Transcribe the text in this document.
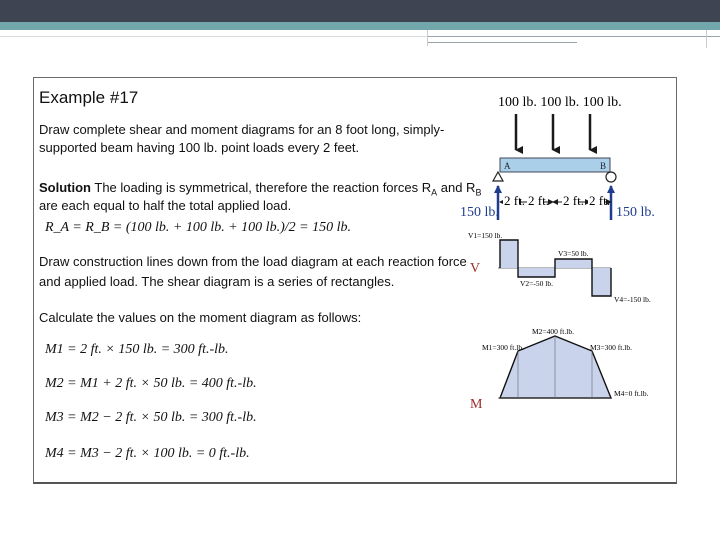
Example #17
Draw complete shear and moment diagrams for an 8 foot long, simply-
supported beam having 100 lb. point loads every 2 feet.
Solution The loading is symmetrical, therefore the reaction forces $R_A$ and $R_B$
are each equal to half the total applied load.
R_A = R_B = (100 lb. + 100 lb. + 100 lb.)/2 = 150 lb.
Draw construction lines down from the load diagram at each reaction force
and applied load. The shear diagram is a series of rectangles.
Calculate the values on the moment diagram as follows:
M1 = 2 ft. × 150 lb. = 300 ft.-lb.
M2 = M1 + 2 ft. × 50 lb. = 400 ft.-lb.
M3 = M2 − 2 ft. × 50 lb. = 300 ft.-lb.
M4 = M3 − 2 ft. × 100 lb. = 0 ft.-lb.
100 lb. 100 lb. 100 lb.
A	B
150 lb.	150 lb.
2 ft. 2 ft. 2 ft. 2 ft.
V
V1=150 lb.
V2=-50 lb.
V3=50 lb.
V4=-150 lb.
M
M1=300 ft.lb.
M2=400 ft.lb.
M3=300 ft.lb.
M4=0 ft.lb.
